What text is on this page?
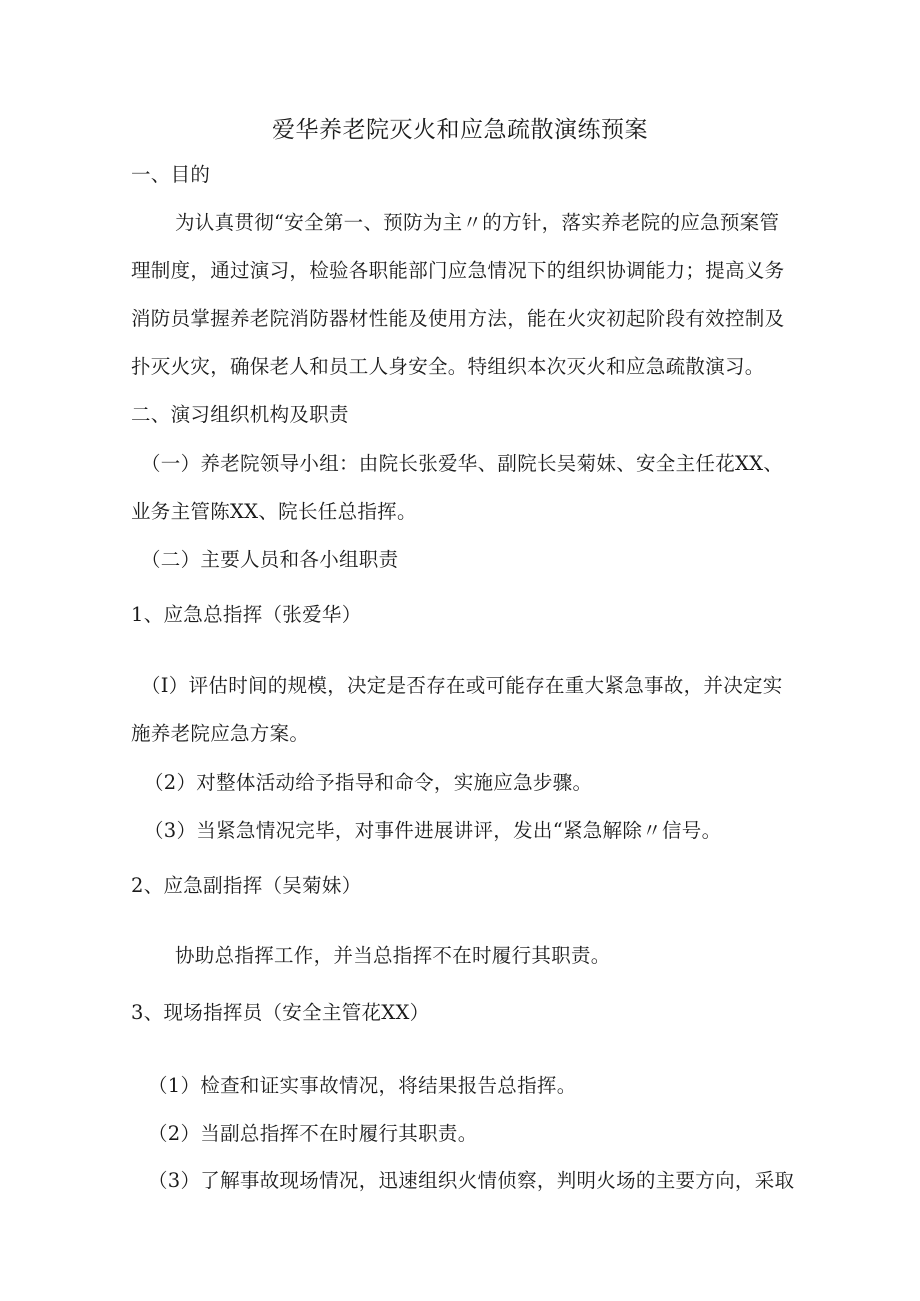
爱华养老院灭火和应急疏散演练预案
一、目的
为认真贯彻“安全第一、预防为主〃的方针，落实养老院的应急预案管
理制度，通过演习，检验各职能部门应急情况下的组织协调能力；提高义务
消防员掌握养老院消防器材性能及使用方法，能在火灾初起阶段有效控制及
扑灭火灾，确保老人和员工人身安全。特组织本次灭火和应急疏散演习。
二、演习组织机构及职责
（一）养老院领导小组：由院长张爱华、副院长吴菊妹、安全主任花XX、
业务主管陈XX、院长任总指挥。
（二）主要人员和各小组职责
1、应急总指挥（张爱华）
（I）评估时间的规模，决定是否存在或可能存在重大紧急事故，并决定实
施养老院应急方案。
（2）对整体活动给予指导和命令，实施应急步骤。
（3）当紧急情况完毕，对事件进展讲评，发出“紧急解除〃信号。
2、应急副指挥（吴菊妹）
协助总指挥工作，并当总指挥不在时履行其职责。
3、现场指挥员（安全主管花XX）
（1）检查和证实事故情况，将结果报告总指挥。
（2）当副总指挥不在时履行其职责。
（3）了解事故现场情况，迅速组织火情侦察，判明火场的主要方向，采取
